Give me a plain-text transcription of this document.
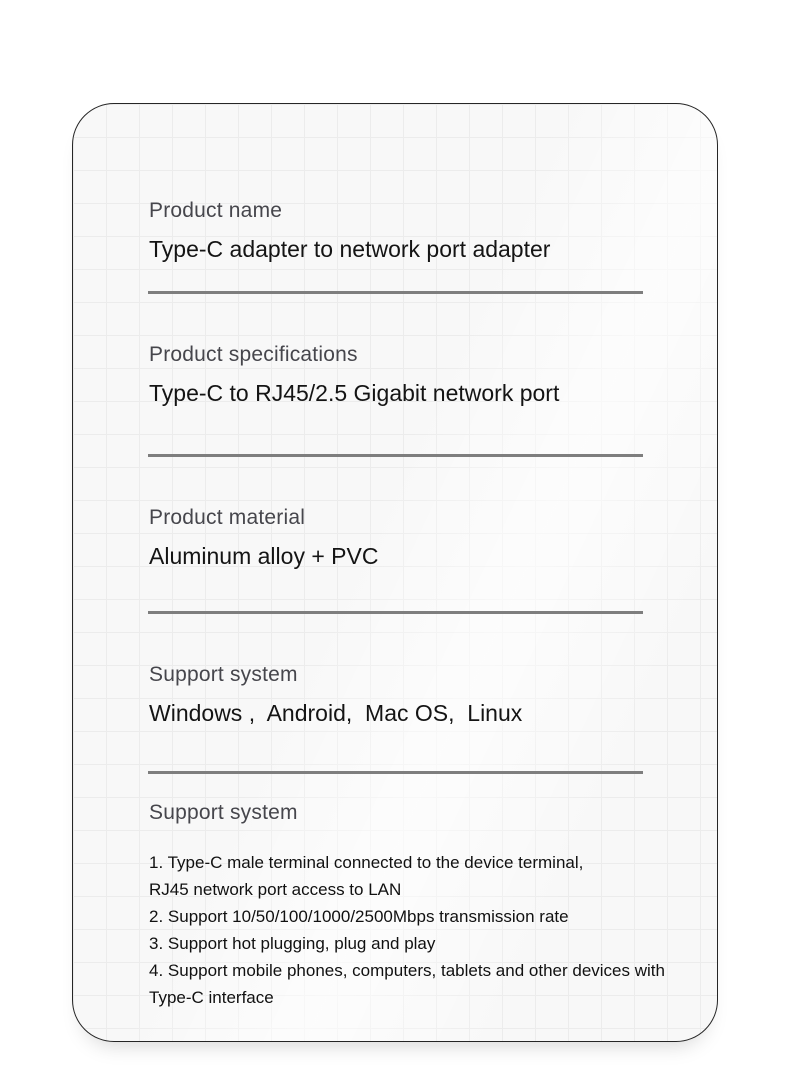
Product name

Type-C adapter to network port adapter

Product specifications

Type-C to RJ45/2.5 Gigabit network port

Product material

Aluminum alloy + PVC

Support system

Windows ,  Android,  Mac OS,  Linux

Support system

1. Type-C male terminal connected to the device terminal,

RJ45 network port access to LAN

2. Support 10/50/100/1000/2500Mbps transmission rate

3. Support hot plugging, plug and play

4. Support mobile phones, computers, tablets and other devices with

Type-C interface
